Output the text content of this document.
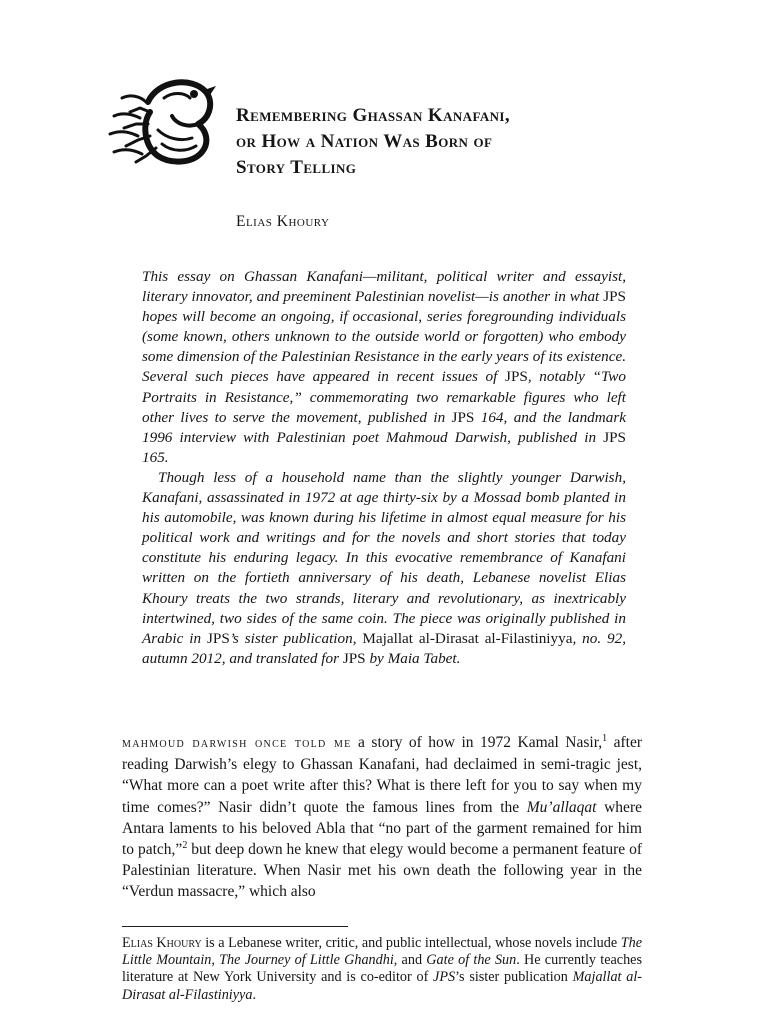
Remembering Ghassan Kanafani,
or How a Nation Was Born of
Story Telling
Elias Khoury

This essay on Ghassan Kanafani—militant, political writer and essayist, literary innovator, and preeminent Palestinian novelist—is another in what JPS hopes will become an ongoing, if occasional, series foregrounding individuals (some known, others unknown to the outside world or forgotten) who embody some dimension of the Palestinian Resistance in the early years of its existence. Several such pieces have appeared in recent issues of JPS, notably “Two Portraits in Resistance,” commemorating two remarkable figures who left other lives to serve the movement, published in JPS 164, and the landmark 1996 interview with Palestinian poet Mahmoud Darwish, published in JPS 165.

Though less of a household name than the slightly younger Darwish, Kanafani, assassinated in 1972 at age thirty-six by a Mossad bomb planted in his automobile, was known during his lifetime in almost equal measure for his political work and writings and for the novels and short stories that today constitute his enduring legacy. In this evocative remembrance of Kanafani written on the fortieth anniversary of his death, Lebanese novelist Elias Khoury treats the two strands, literary and revolutionary, as inextricably intertwined, two sides of the same coin. The piece was originally published in Arabic in JPS’s sister publication, Majallat al-Dirasat al-Filastiniyya, no. 92, autumn 2012, and translated for JPS by Maia Tabet.

mahmoud darwish once told me a story of how in 1972 Kamal Nasir,$^1$ after reading Darwish’s elegy to Ghassan Kanafani, had declaimed in semi-tragic jest, “What more can a poet write after this? What is there left for you to say when my time comes?” Nasir didn’t quote the famous lines from the Mu’allaqat where Antara laments to his beloved Abla that “no part of the garment remained for him to patch,”$^2$ but deep down he knew that elegy would become a permanent feature of Palestinian literature. When Nasir met his own death the following year in the “Verdun massacre,” which also

Elias Khoury is a Lebanese writer, critic, and public intellectual, whose novels include The Little Mountain, The Journey of Little Ghandhi, and Gate of the Sun. He currently teaches literature at New York University and is co-editor of JPS’s sister publication Majallat al-Dirasat al-Filastiniyya.
